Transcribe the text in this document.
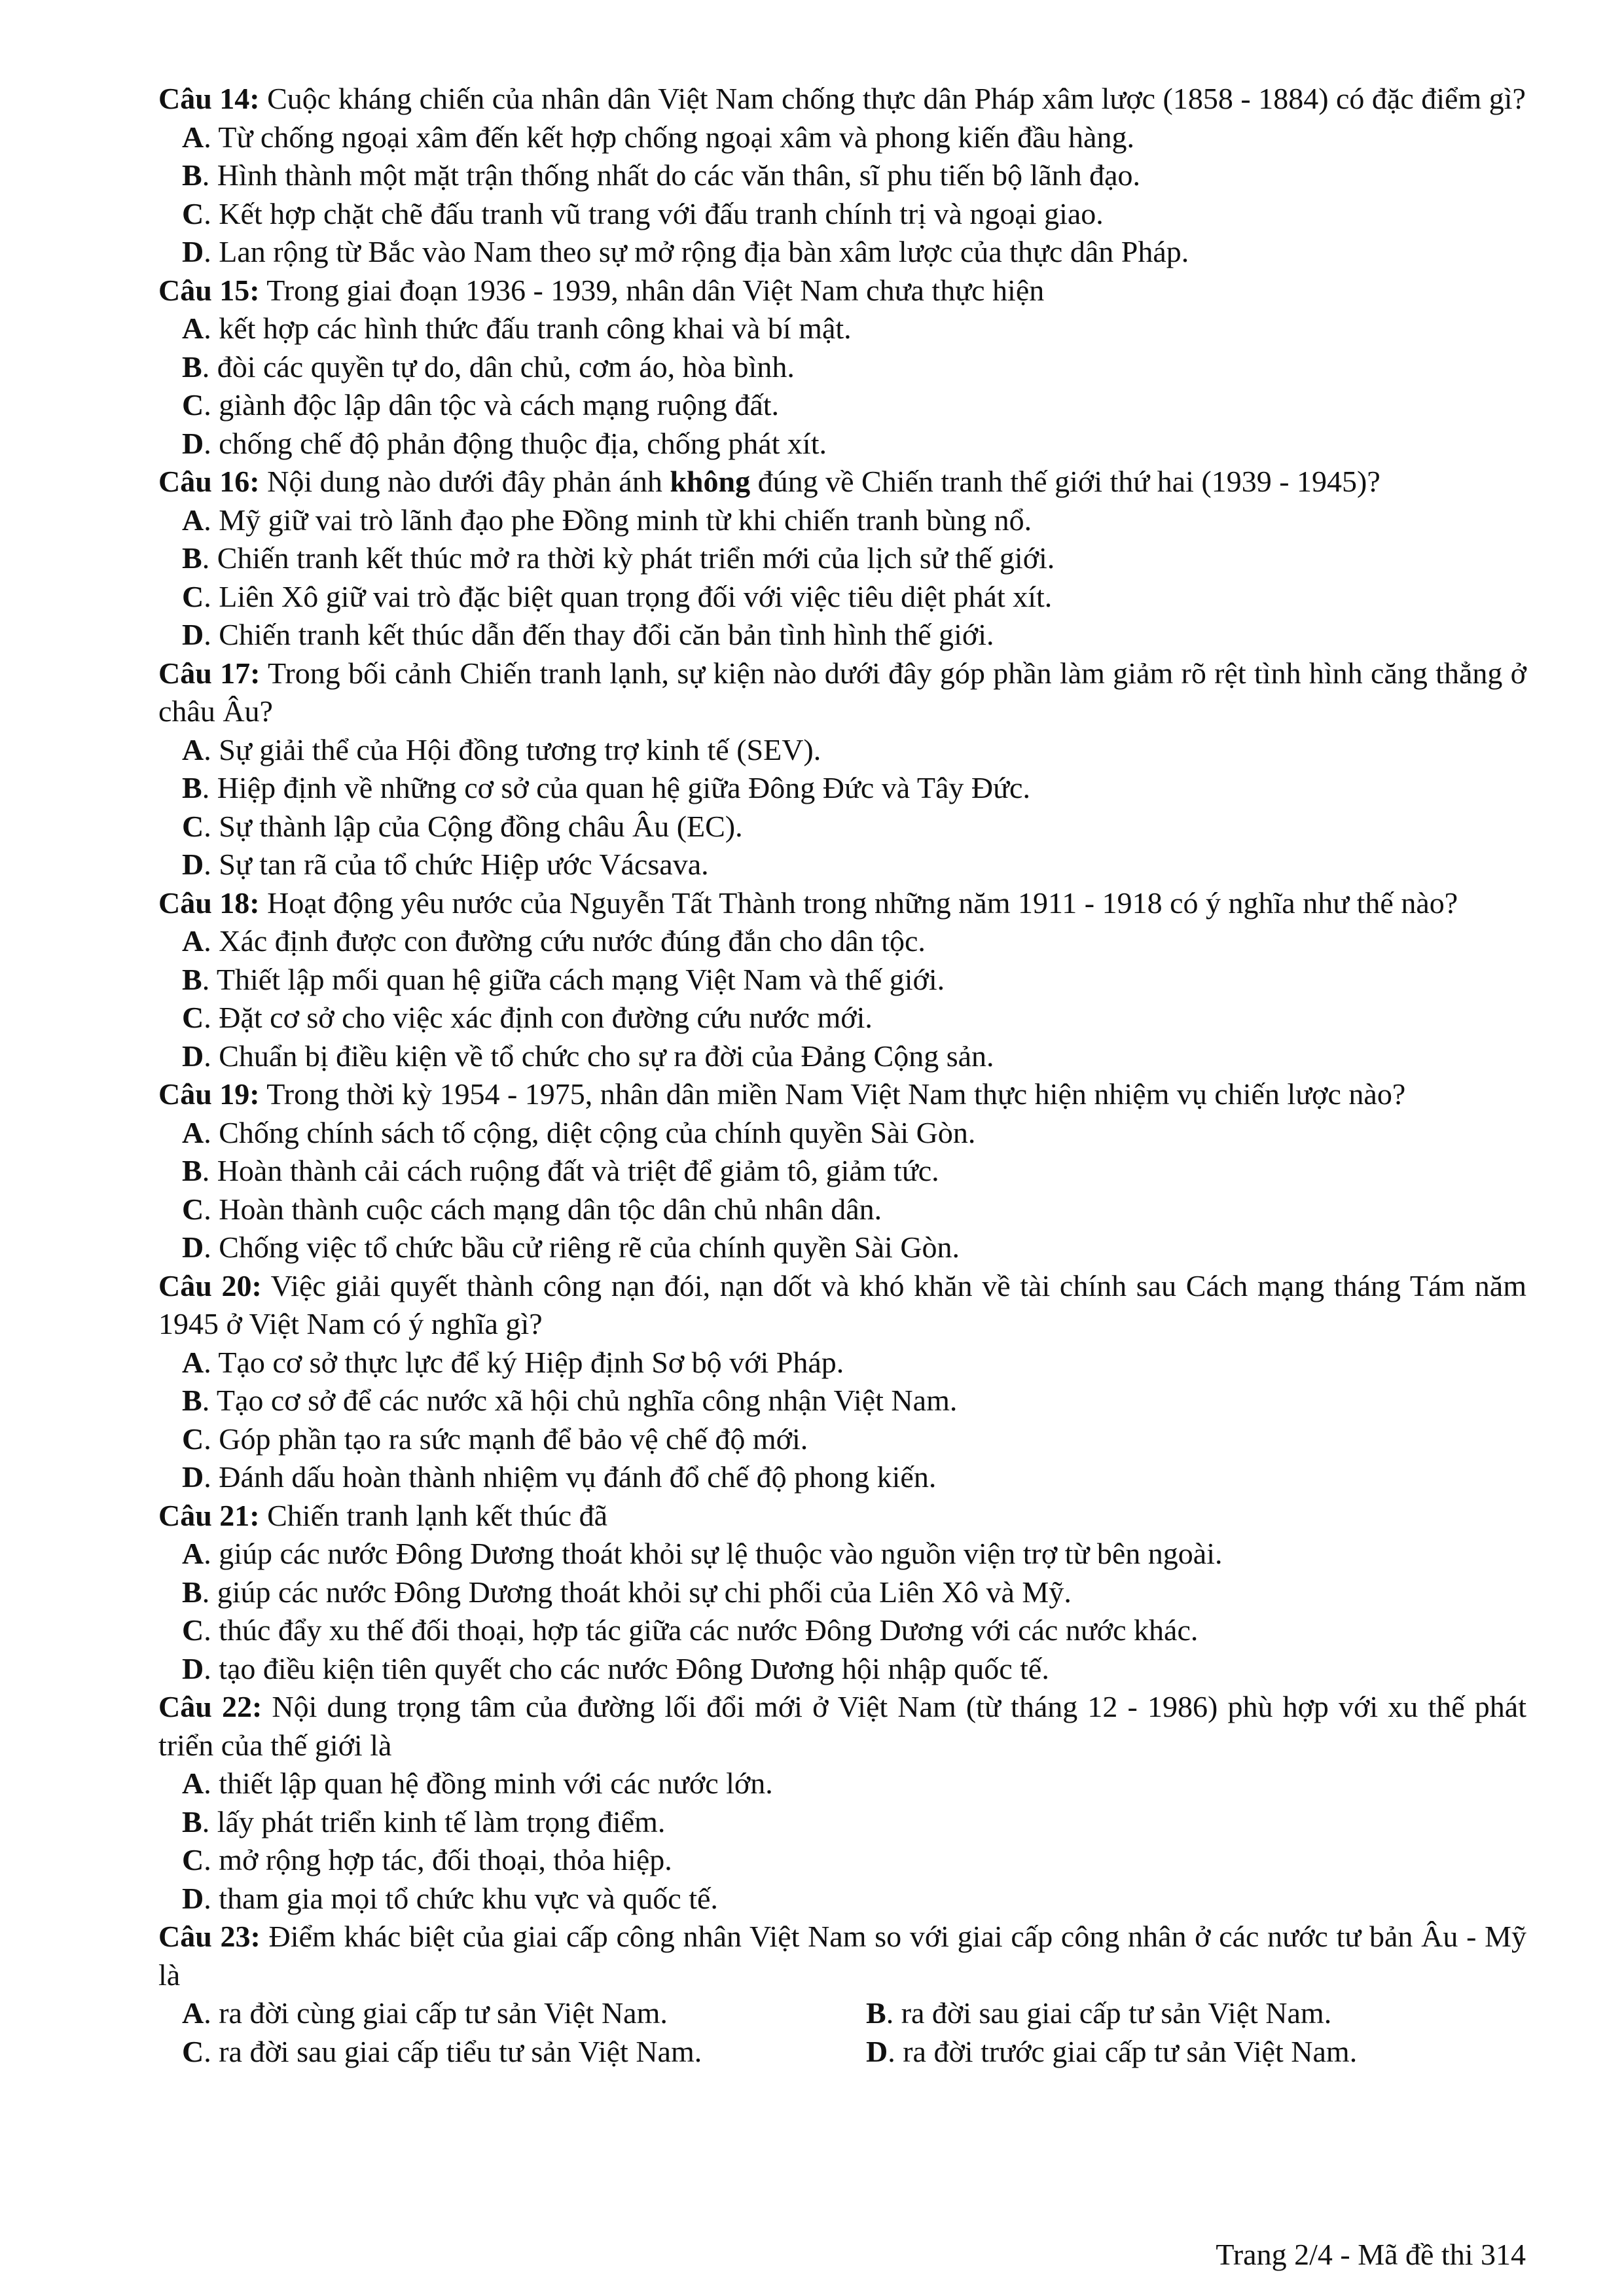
Câu 14: Cuộc kháng chiến của nhân dân Việt Nam chống thực dân Pháp xâm lược (1858 - 1884) có đặc điểm gì?
A. Từ chống ngoại xâm đến kết hợp chống ngoại xâm và phong kiến đầu hàng.
B. Hình thành một mặt trận thống nhất do các văn thân, sĩ phu tiến bộ lãnh đạo.
C. Kết hợp chặt chẽ đấu tranh vũ trang với đấu tranh chính trị và ngoại giao.
D. Lan rộng từ Bắc vào Nam theo sự mở rộng địa bàn xâm lược của thực dân Pháp.
Câu 15: Trong giai đoạn 1936 - 1939, nhân dân Việt Nam chưa thực hiện
A. kết hợp các hình thức đấu tranh công khai và bí mật.
B. đòi các quyền tự do, dân chủ, cơm áo, hòa bình.
C. giành độc lập dân tộc và cách mạng ruộng đất.
D. chống chế độ phản động thuộc địa, chống phát xít.
Câu 16: Nội dung nào dưới đây phản ánh không đúng về Chiến tranh thế giới thứ hai (1939 - 1945)?
A. Mỹ giữ vai trò lãnh đạo phe Đồng minh từ khi chiến tranh bùng nổ.
B. Chiến tranh kết thúc mở ra thời kỳ phát triển mới của lịch sử thế giới.
C. Liên Xô giữ vai trò đặc biệt quan trọng đối với việc tiêu diệt phát xít.
D. Chiến tranh kết thúc dẫn đến thay đổi căn bản tình hình thế giới.
Câu 17: Trong bối cảnh Chiến tranh lạnh, sự kiện nào dưới đây góp phần làm giảm rõ rệt tình hình căng thẳng ở châu Âu?
A. Sự giải thể của Hội đồng tương trợ kinh tế (SEV).
B. Hiệp định về những cơ sở của quan hệ giữa Đông Đức và Tây Đức.
C. Sự thành lập của Cộng đồng châu Âu (EC).
D. Sự tan rã của tổ chức Hiệp ước Vácsava.
Câu 18: Hoạt động yêu nước của Nguyễn Tất Thành trong những năm 1911 - 1918 có ý nghĩa như thế nào?
A. Xác định được con đường cứu nước đúng đắn cho dân tộc.
B. Thiết lập mối quan hệ giữa cách mạng Việt Nam và thế giới.
C. Đặt cơ sở cho việc xác định con đường cứu nước mới.
D. Chuẩn bị điều kiện về tổ chức cho sự ra đời của Đảng Cộng sản.
Câu 19: Trong thời kỳ 1954 - 1975, nhân dân miền Nam Việt Nam thực hiện nhiệm vụ chiến lược nào?
A. Chống chính sách tố cộng, diệt cộng của chính quyền Sài Gòn.
B. Hoàn thành cải cách ruộng đất và triệt để giảm tô, giảm tức.
C. Hoàn thành cuộc cách mạng dân tộc dân chủ nhân dân.
D. Chống việc tổ chức bầu cử riêng rẽ của chính quyền Sài Gòn.
Câu 20: Việc giải quyết thành công nạn đói, nạn dốt và khó khăn về tài chính sau Cách mạng tháng Tám năm 1945 ở Việt Nam có ý nghĩa gì?
A. Tạo cơ sở thực lực để ký Hiệp định Sơ bộ với Pháp.
B. Tạo cơ sở để các nước xã hội chủ nghĩa công nhận Việt Nam.
C. Góp phần tạo ra sức mạnh để bảo vệ chế độ mới.
D. Đánh dấu hoàn thành nhiệm vụ đánh đổ chế độ phong kiến.
Câu 21: Chiến tranh lạnh kết thúc đã
A. giúp các nước Đông Dương thoát khỏi sự lệ thuộc vào nguồn viện trợ từ bên ngoài.
B. giúp các nước Đông Dương thoát khỏi sự chi phối của Liên Xô và Mỹ.
C. thúc đẩy xu thế đối thoại, hợp tác giữa các nước Đông Dương với các nước khác.
D. tạo điều kiện tiên quyết cho các nước Đông Dương hội nhập quốc tế.
Câu 22: Nội dung trọng tâm của đường lối đổi mới ở Việt Nam (từ tháng 12 - 1986) phù hợp với xu thế phát triển của thế giới là
A. thiết lập quan hệ đồng minh với các nước lớn.
B. lấy phát triển kinh tế làm trọng điểm.
C. mở rộng hợp tác, đối thoại, thỏa hiệp.
D. tham gia mọi tổ chức khu vực và quốc tế.
Câu 23: Điểm khác biệt của giai cấp công nhân Việt Nam so với giai cấp công nhân ở các nước tư bản Âu - Mỹ là
A. ra đời cùng giai cấp tư sản Việt Nam.	B. ra đời sau giai cấp tư sản Việt Nam.
C. ra đời sau giai cấp tiểu tư sản Việt Nam.	D. ra đời trước giai cấp tư sản Việt Nam.
Trang 2/4 - Mã đề thi 314
